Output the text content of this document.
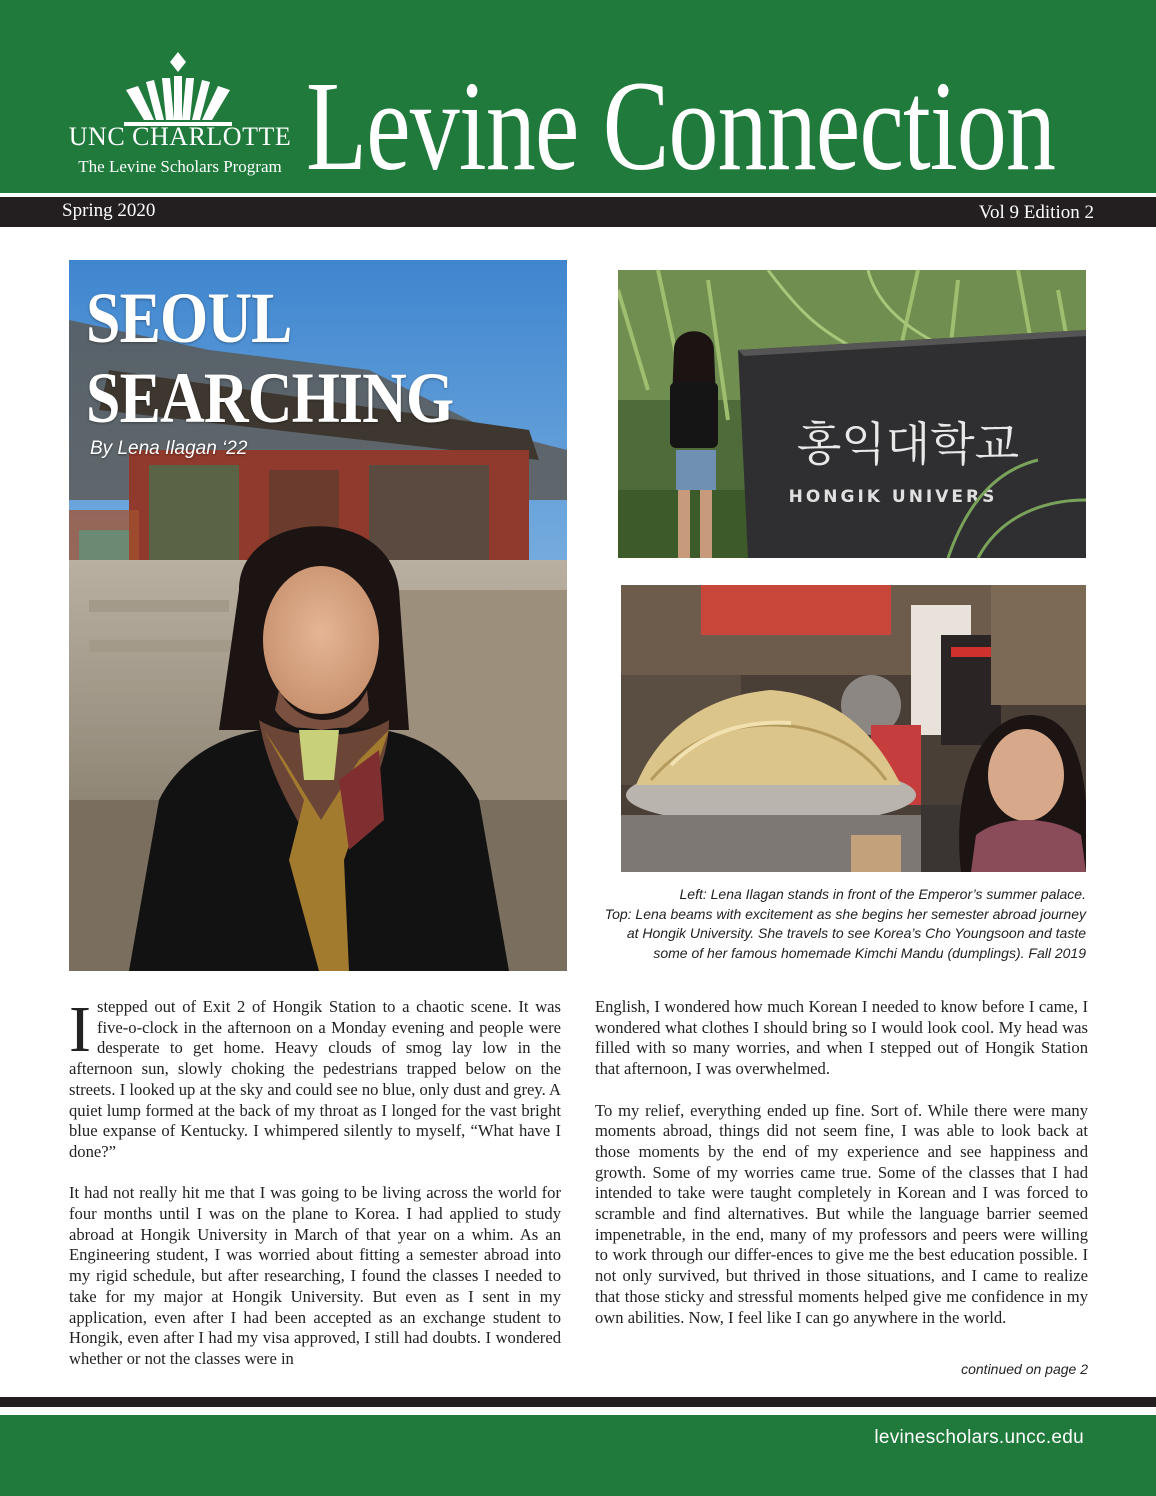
UNC CHARLOTTE
The Levine Scholars Program Levine Connection
Spring 2020	Vol 9 Edition 2
SEOUL
SEARCHING
By Lena Ilagan ‘22	홍익대학교
HONGIK UNIVERS
Left: Lena Ilagan stands in front of the Emperor’s summer palace.
Top: Lena beams with excitement as she begins her semester abroad journey
at Hongik University. She travels to see Korea’s Cho Youngsoon and taste
some of her famous homemade Kimchi Mandu (dumplings). Fall 2019

Istepped out of Exit 2 of Hongik Station to a chaotic scene. It was five-o-clock in the afternoon on a Monday evening and people were desperate to get home. Heavy clouds of smog lay low in the afternoon sun, slowly choking the pedestrians trapped below on the streets. I looked up at the sky and could see no blue, only dust and grey. A quiet lump formed at the back of my throat as I longed for the vast bright blue expanse of Kentucky. I whimpered silently to myself, “What have I done?”

It had not really hit me that I was going to be living across the world for four months until I was on the plane to Korea. I had applied to study abroad at Hongik University in March of that year on a whim. As an Engineering student, I was worried about fitting a semester abroad into my rigid schedule, but after researching, I found the classes I needed to take for my major at Hongik University. But even as I sent in my application, even after I had been accepted as an exchange student to Hongik, even after I had my visa approved, I still had doubts. I wondered whether or not the classes were in

English, I wondered how much Korean I needed to know before I came, I wondered what clothes I should bring so I would look cool. My head was filled with so many worries, and when I stepped out of Hongik Station that afternoon, I was overwhelmed.

To my relief, everything ended up fine. Sort of. While there were many moments abroad, things did not seem fine, I was able to look back at those moments by the end of my experience and see happiness and growth. Some of my worries came true. Some of the classes that I had intended to take were taught completely in Korean and I was forced to scramble and find alternatives. But while the language barrier seemed impenetrable, in the end, many of my professors and peers were willing to work through our differ-ences to give me the best education possible. I not only survived, but thrived in those situations, and I came to realize that those sticky and stressful moments helped give me confidence in my own abilities. Now, I feel like I can go anywhere in the world.

continued on page 2
levinescholars.uncc.edu
